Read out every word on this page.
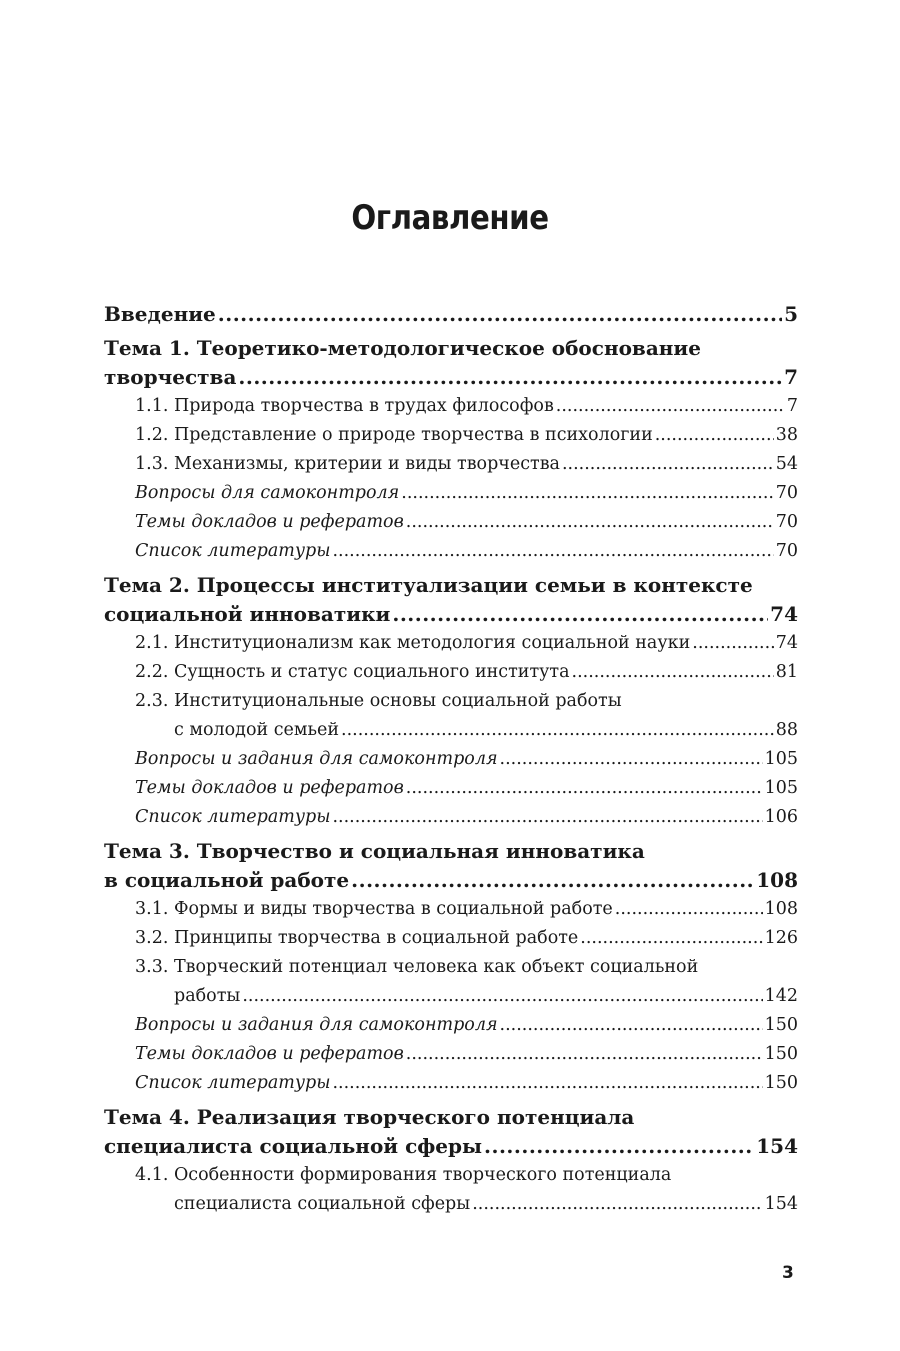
Оглавление
Введение .....	5
Тема 1. Теоретико-методологическое обоснование
творчества .....	7
1.1. Природа творчества в трудах философов .....	7
1.2. Представление о природе творчества в психологии .....	38
1.3. Механизмы, критерии и виды творчества .....	54
Вопросы для самоконтроля .....	70
Темы докладов и рефератов .....	70
Список литературы .....	70
Тема 2. Процессы институализации семьи в контексте
социальной инноватики .....	74
2.1. Институционализм как методология социальной науки .....	74
2.2. Сущность и статус социального института .....	81
2.3. Институциональные основы социальной работы
с молодой семьей .....	88
Вопросы и задания для самоконтроля .....	105
Темы докладов и рефератов .....	105
Список литературы .....	106
Тема 3. Творчество и социальная инноватика
в социальной работе .....	108
3.1. Формы и виды творчества в социальной работе .....	108
3.2. Принципы творчества в социальной работе .....	126
3.3. Творческий потенциал человека как объект социальной
работы .....	142
Вопросы и задания для самоконтроля .....	150
Темы докладов и рефератов .....	150
Список литературы .....	150
Тема 4. Реализация творческого потенциала
специалиста социальной сферы .....	154
4.1. Особенности формирования творческого потенциала
специалиста социальной сферы .....	154
3
